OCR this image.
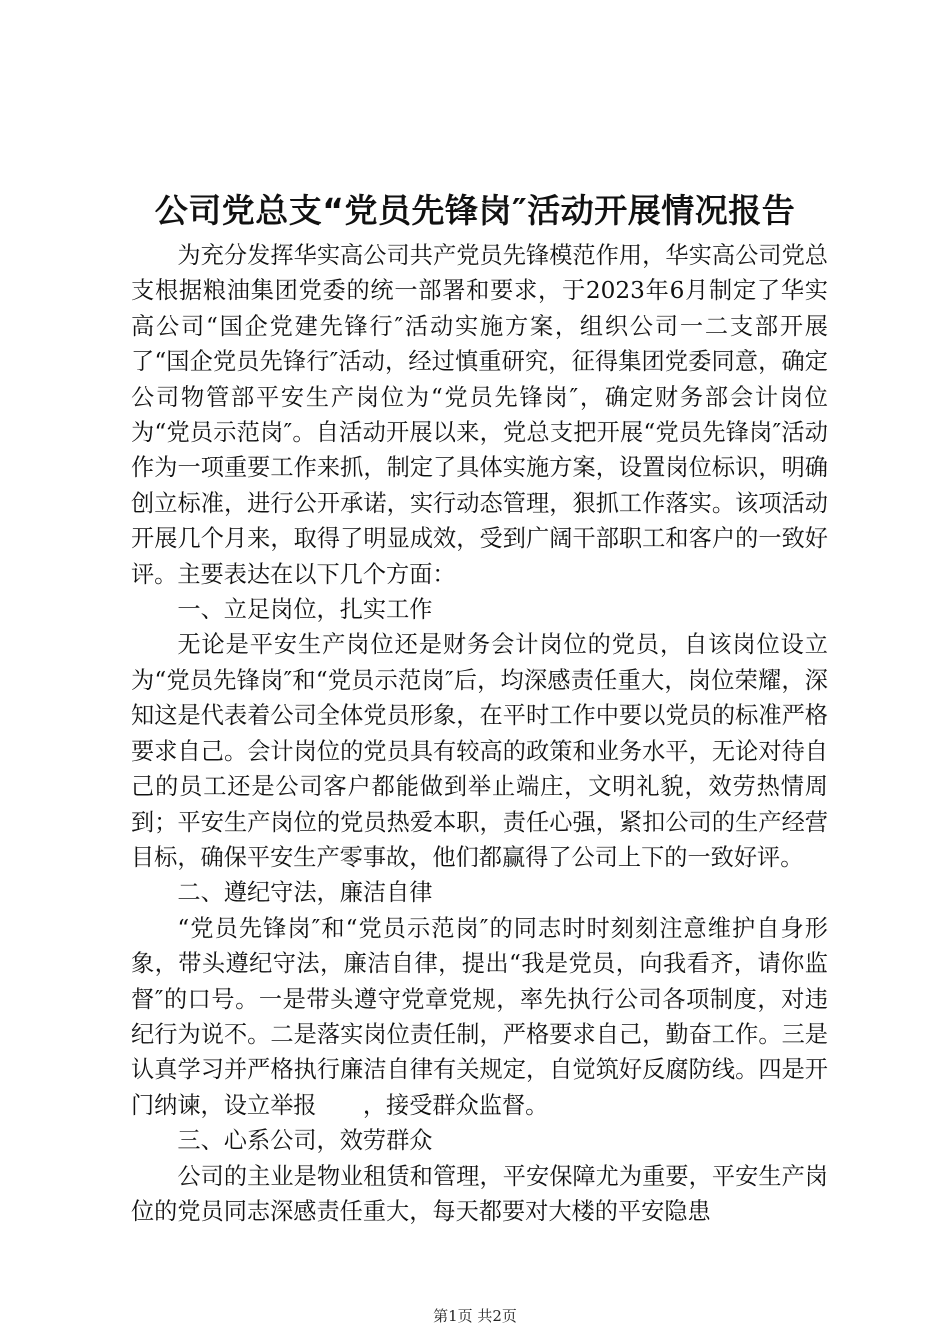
公司党总支“党员先锋岗″活动开展情况报告

为充分发挥华实高公司共产党员先锋模范作用，华实高公司党总支根据粮油集团党委的统一部署和要求，于2023年6月制定了华实高公司“国企党建先锋行″活动实施方案，组织公司一二支部开展了“国企党员先锋行″活动，经过慎重研究，征得集团党委同意，确定公司物管部平安生产岗位为“党员先锋岗″，确定财务部会计岗位为“党员示范岗″。自活动开展以来，党总支把开展“党员先锋岗″活动作为一项重要工作来抓，制定了具体实施方案，设置岗位标识，明确创立标准，进行公开承诺，实行动态管理，狠抓工作落实。该项活动开展几个月来，取得了明显成效，受到广阔干部职工和客户的一致好评。主要表达在以下几个方面：

一、立足岗位，扎实工作

无论是平安生产岗位还是财务会计岗位的党员，自该岗位设立为“党员先锋岗″和“党员示范岗″后，均深感责任重大，岗位荣耀，深知这是代表着公司全体党员形象，在平时工作中要以党员的标准严格要求自己。会计岗位的党员具有较高的政策和业务水平，无论对待自己的员工还是公司客户都能做到举止端庄，文明礼貌，效劳热情周到；平安生产岗位的党员热爱本职，责任心强，紧扣公司的生产经营目标，确保平安生产零事故，他们都赢得了公司上下的一致好评。

二、遵纪守法，廉洁自律

“党员先锋岗″和“党员示范岗″的同志时时刻刻注意维护自身形象，带头遵纪守法，廉洁自律，提出“我是党员，向我看齐，请你监督″的口号。一是带头遵守党章党规，率先执行公司各项制度，对违纪行为说不。二是落实岗位责任制，严格要求自己，勤奋工作。三是认真学习并严格执行廉洁自律有关规定，自觉筑好反腐防线。四是开门纳谏，设立举报　　，接受群众监督。

三、心系公司，效劳群众

公司的主业是物业租赁和管理，平安保障尤为重要，平安生产岗位的党员同志深感责任重大，每天都要对大楼的平安隐患

第1页 共2页
